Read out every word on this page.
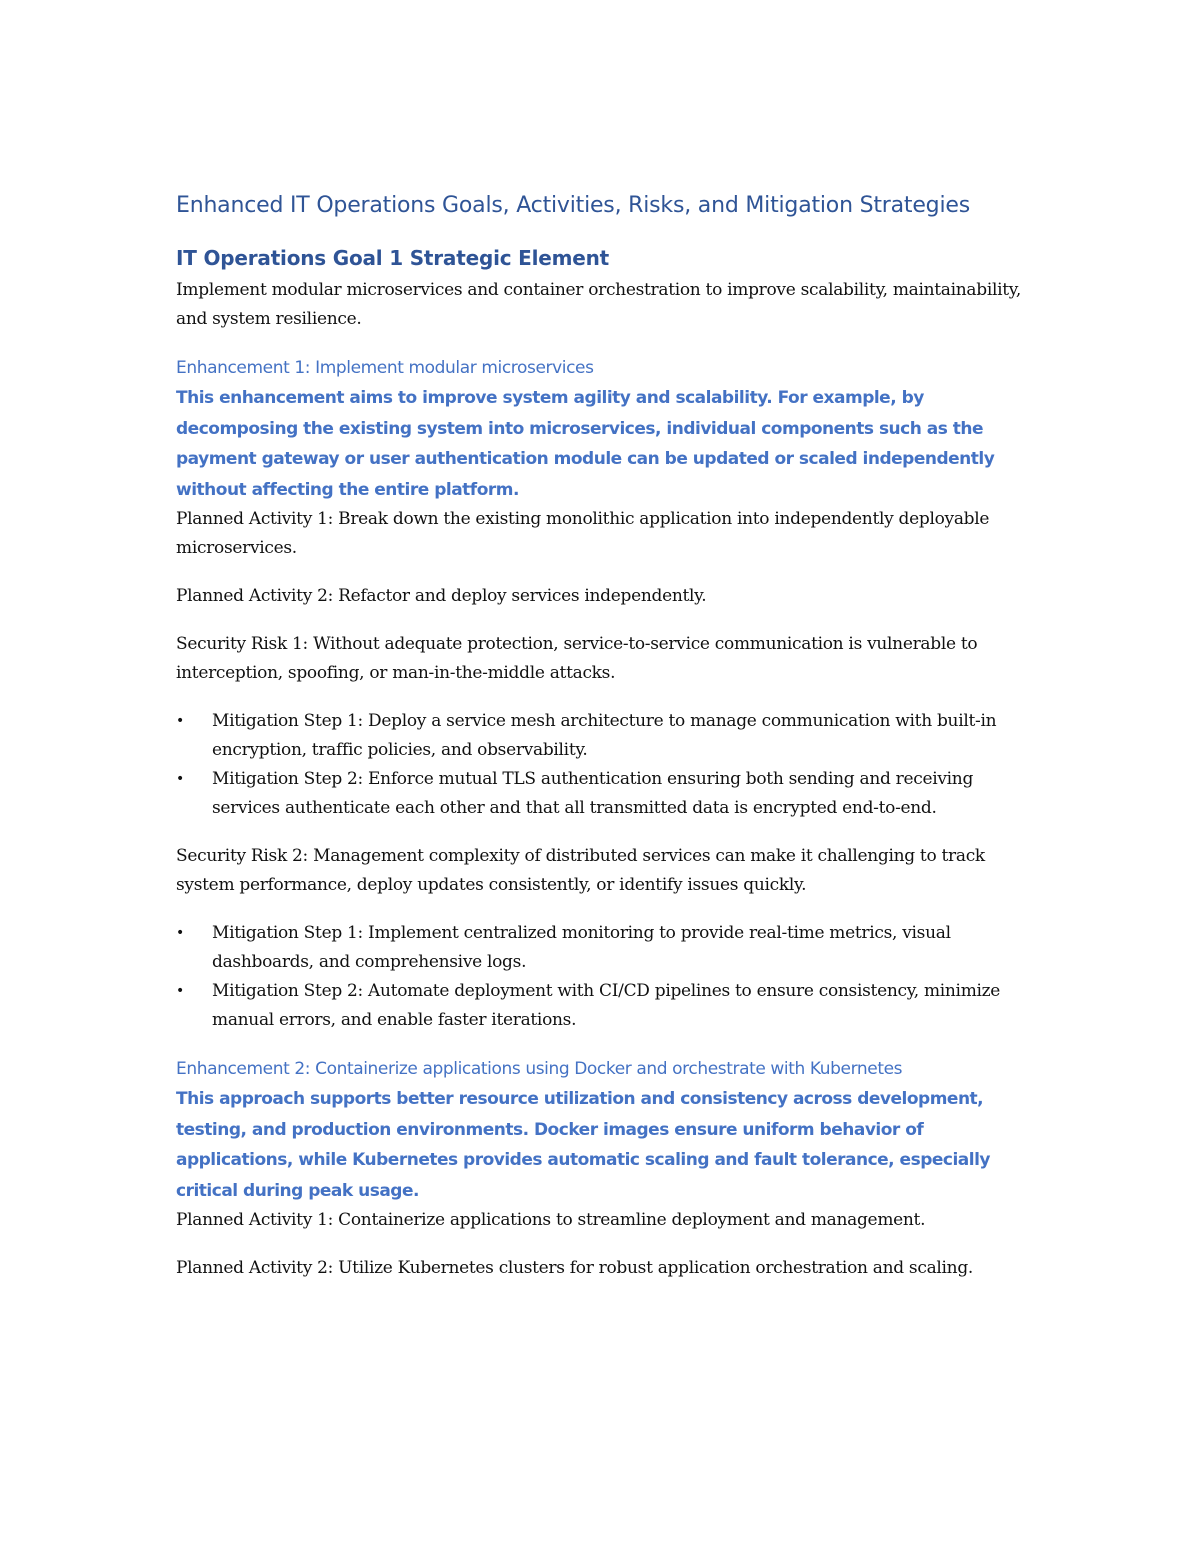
Enhanced IT Operations Goals, Activities, Risks, and Mitigation Strategies
IT Operations Goal 1 Strategic Element

Implement modular microservices and container orchestration to improve scalability, maintainability, and system resilience.

Enhancement 1: Implement modular microservices

This enhancement aims to improve system agility and scalability. For example, by decomposing the existing system into microservices, individual components such as the payment gateway or user authentication module can be updated or scaled independently without affecting the entire platform.

Planned Activity 1: Break down the existing monolithic application into independently deployable microservices.

Planned Activity 2: Refactor and deploy services independently.

Security Risk 1: Without adequate protection, service-to-service communication is vulnerable to interception, spoofing, or man-in-the-middle attacks.

• Mitigation Step 1: Deploy a service mesh architecture to manage communication with built-in encryption, traffic policies, and observability.
• Mitigation Step 2: Enforce mutual TLS authentication ensuring both sending and receiving services authenticate each other and that all transmitted data is encrypted end-to-end.

Security Risk 2: Management complexity of distributed services can make it challenging to track system performance, deploy updates consistently, or identify issues quickly.

• Mitigation Step 1: Implement centralized monitoring to provide real-time metrics, visual dashboards, and comprehensive logs.
• Mitigation Step 2: Automate deployment with CI/CD pipelines to ensure consistency, minimize manual errors, and enable faster iterations.

Enhancement 2: Containerize applications using Docker and orchestrate with Kubernetes

This approach supports better resource utilization and consistency across development, testing, and production environments. Docker images ensure uniform behavior of applications, while Kubernetes provides automatic scaling and fault tolerance, especially critical during peak usage.

Planned Activity 1: Containerize applications to streamline deployment and management.

Planned Activity 2: Utilize Kubernetes clusters for robust application orchestration and scaling.
